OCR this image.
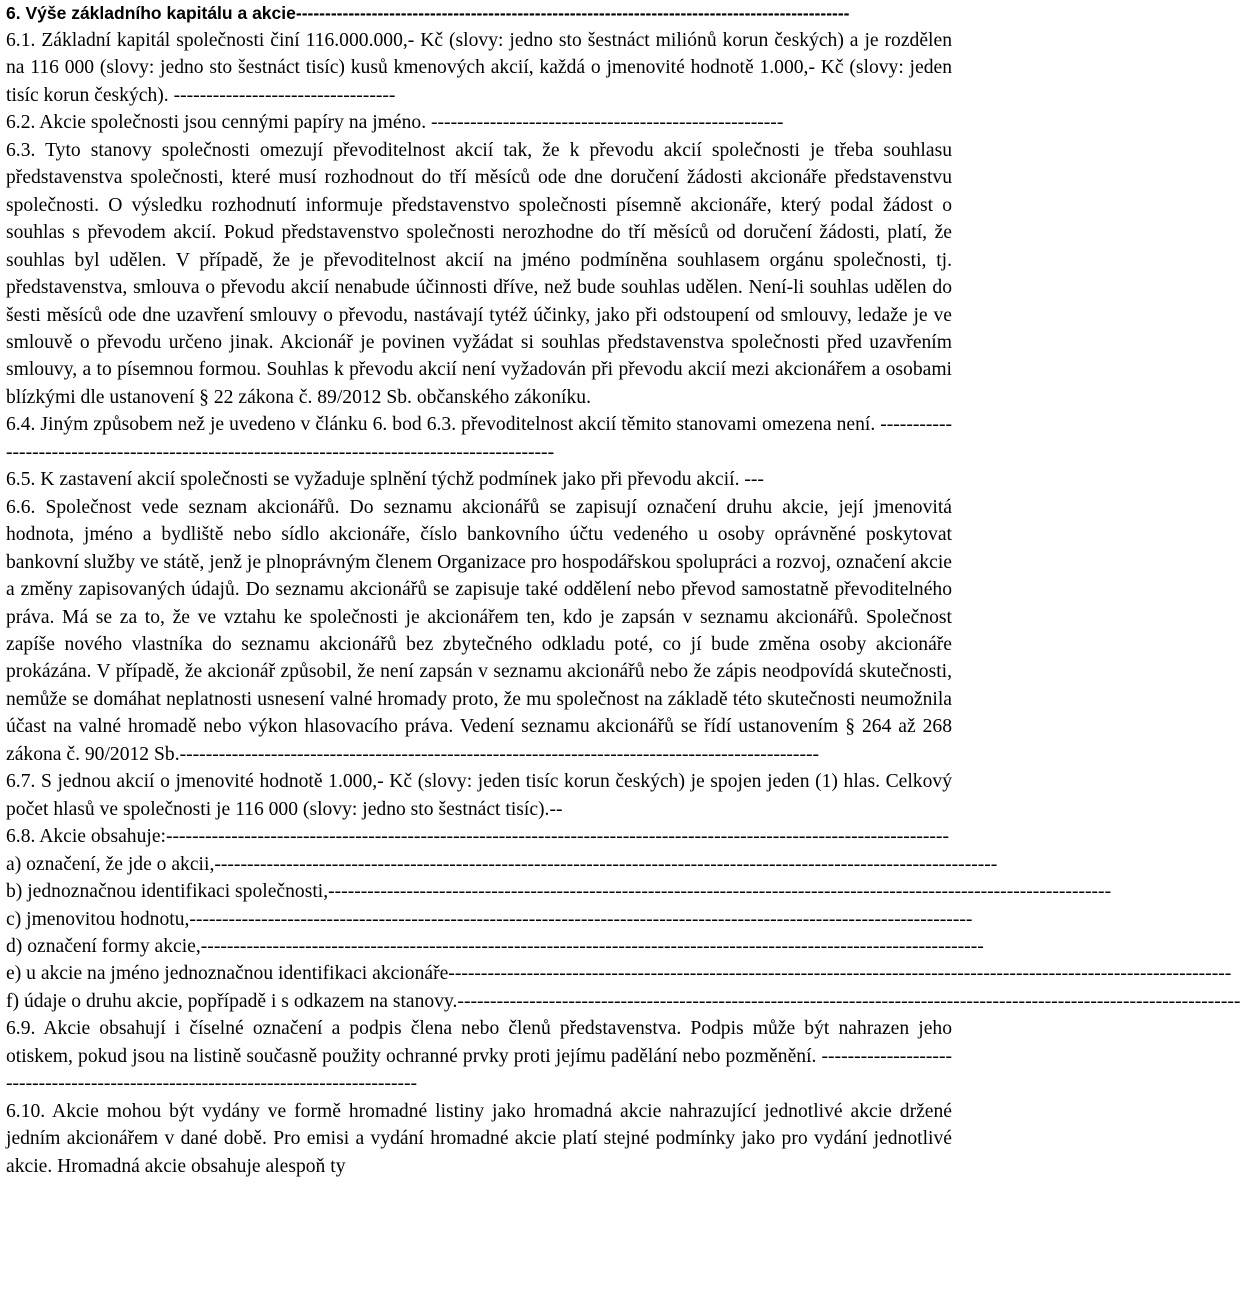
6. Výše základního kapitálu a akcie -----------------------------------------------------------------------------------------------

6.1. Základní kapitál společnosti činí 116.000.000,- Kč (slovy: jedno sto šestnáct miliónů korun českých) a je rozdělen na 116 000 (slovy: jedno sto šestnáct tisíc) kusů kmenových akcií, každá o jmenovité hodnotě 1.000,- Kč (slovy: jeden tisíc korun českých). ----------------------------------

6.2. Akcie společnosti jsou cennými papíry na jméno. ------------------------------------------------------

6.3. Tyto stanovy společnosti omezují převoditelnost akcií tak, že k převodu akcií společnosti je třeba souhlasu představenstva společnosti, které musí rozhodnout do tří měsíců ode dne doručení žádosti akcionáře představenstvu společnosti. O výsledku rozhodnutí informuje představenstvo společnosti písemně akcionáře, který podal žádost o souhlas s převodem akcií. Pokud představenstvo společnosti nerozhodne do tří měsíců od doručení žádosti, platí, že souhlas byl udělen. V případě, že je převoditelnost akcií na jméno podmíněna souhlasem orgánu společnosti, tj. představenstva, smlouva o převodu akcií nenabude účinnosti dříve, než bude souhlas udělen. Není-li souhlas udělen do šesti měsíců ode dne uzavření smlouvy o převodu, nastávají tytéž účinky, jako při odstoupení od smlouvy, ledaže je ve smlouvě o převodu určeno jinak. Akcionář je povinen vyžádat si souhlas představenstva společnosti před uzavřením smlouvy, a to písemnou formou. Souhlas k převodu akcií není vyžadován při převodu akcií mezi akcionářem a osobami blízkými dle ustanovení § 22 zákona č. 89/2012 Sb. občanského zákoníku.

6.4. Jiným způsobem než je uvedeno v článku 6. bod 6.3. převoditelnost akcií těmito stanovami omezena není. -----------------------------------------------------------------------------------------------

6.5. K zastavení akcií společnosti se vyžaduje splnění týchž podmínek jako při převodu akcií. ---

6.6. Společnost vede seznam akcionářů. Do seznamu akcionářů se zapisují označení druhu akcie, její jmenovitá hodnota, jméno a bydliště nebo sídlo akcionáře, číslo bankovního účtu vedeného u osoby oprávněné poskytovat bankovní služby ve státě, jenž je plnoprávným členem Organizace pro hospodářskou spolupráci a rozvoj, označení akcie a změny zapisovaných údajů. Do seznamu akcionářů se zapisuje také oddělení nebo převod samostatně převoditelného práva. Má se za to, že ve vztahu ke společnosti je akcionářem ten, kdo je zapsán v seznamu akcionářů. Společnost zapíše nového vlastníka do seznamu akcionářů bez zbytečného odkladu poté, co jí bude změna osoby akcionáře prokázána. V případě, že akcionář způsobil, že není zapsán v seznamu akcionářů nebo že zápis neodpovídá skutečnosti, nemůže se domáhat neplatnosti usnesení valné hromady proto, že mu společnost na základě této skutečnosti neumožnila účast na valné hromadě nebo výkon hlasovacího práva. Vedení seznamu akcionářů se řídí ustanovením § 264 až 268 zákona č. 90/2012 Sb.--------------------------------------------------------------------------------------------------

6.7. S jednou akcií o jmenovité hodnotě 1.000,- Kč (slovy: jeden tisíc korun českých) je spojen jeden (1) hlas. Celkový počet hlasů ve společnosti je 116 000 (slovy: jedno sto šestnáct tisíc).--

6.8. Akcie obsahuje: ------------------------------------------------------------------------------------------------------------------------
a) označení, že jde o akcii, ------------------------------------------------------------------------------------------------------------------------
b) jednoznačnou identifikaci společnosti, ------------------------------------------------------------------------------------------------------------------------
c) jmenovitou hodnotu, ------------------------------------------------------------------------------------------------------------------------
d) označení formy akcie, ------------------------------------------------------------------------------------------------------------------------
e) u akcie na jméno jednoznačnou identifikaci akcionáře ------------------------------------------------------------------------------------------------------------------------
f) údaje o druhu akcie, popřípadě i s odkazem na stanovy. ------------------------------------------------------------------------------------------------------------------------

6.9. Akcie obsahují i číselné označení a podpis člena nebo členů představenstva. Podpis může být nahrazen jeho otiskem, pokud jsou na listině současně použity ochranné prvky proti jejímu padělání nebo pozměnění. -----------------------------------------------------------------------------------

6.10. Akcie mohou být vydány ve formě hromadné listiny jako hromadná akcie nahrazující jednotlivé akcie držené jedním akcionářem v dané době. Pro emisi a vydání hromadné akcie platí stejné podmínky jako pro vydání jednotlivé akcie. Hromadná akcie obsahuje alespoň ty
